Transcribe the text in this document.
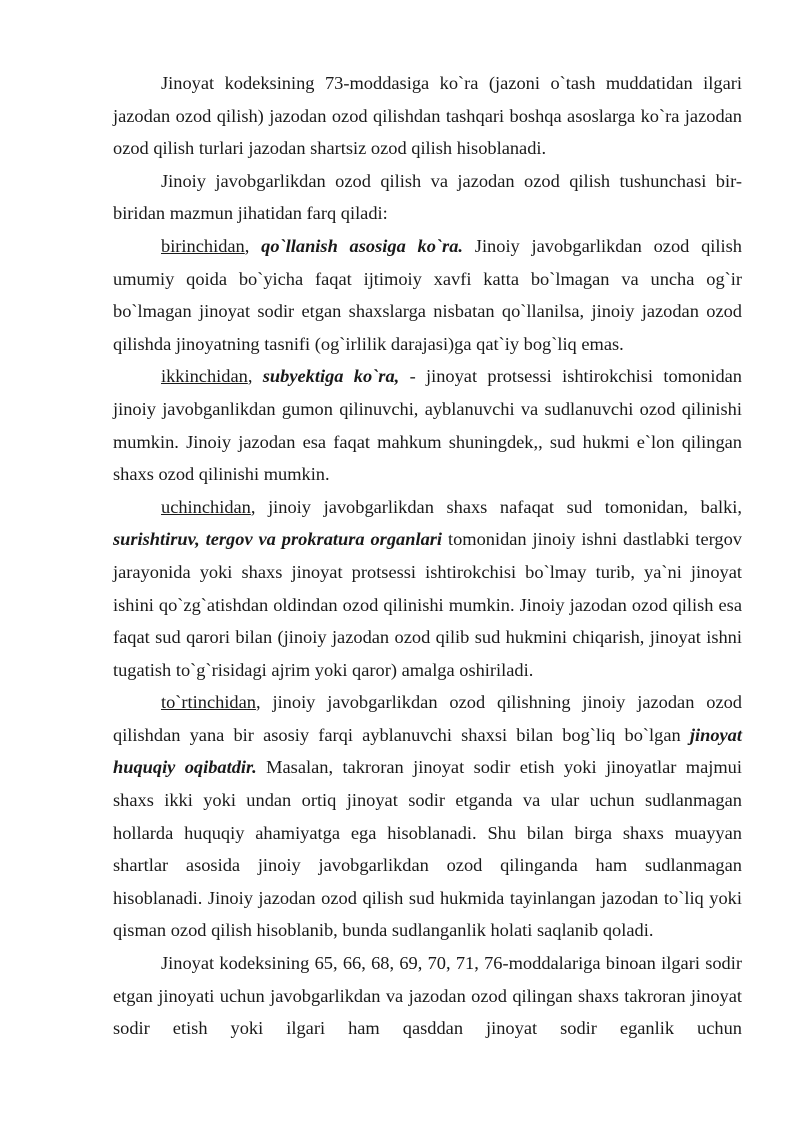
Jinoyat kodeksining 73-moddasiga ko`ra (jazoni o`tash muddatidan ilgari jazodan ozod qilish) jazodan ozod qilishdan tashqari boshqa asoslarga ko`ra jazodan ozod qilish turlari jazodan shartsiz ozod qilish hisoblanadi.

Jinoiy javobgarlikdan ozod qilish va jazodan ozod qilish tushunchasi bir-biridan mazmun jihatidan farq qiladi:

birinchidan, qo`llanish asosiga ko`ra. Jinoiy javobgarlikdan ozod qilish umumiy qoida bo`yicha faqat ijtimoiy xavfi katta bo`lmagan va uncha og`ir bo`lmagan jinoyat sodir etgan shaxslarga nisbatan qo`llanilsa, jinoiy jazodan ozod qilishda jinoyatning tasnifi (og`irlilik darajasi)ga qat`iy bog`liq emas.

ikkinchidan, subyektiga ko`ra, - jinoyat protsessi ishtirokchisi tomonidan jinoiy javobganlikdan gumon qilinuvchi, ayblanuvchi va sudlanuvchi ozod qilinishi mumkin. Jinoiy jazodan esa faqat mahkum shuningdek,, sud hukmi e`lon qilingan shaxs ozod qilinishi mumkin.

uchinchidan, jinoiy javobgarlikdan shaxs nafaqat sud tomonidan, balki, surishtiruv, tergov va prokratura organlari tomonidan jinoiy ishni dastlabki tergov jarayonida yoki shaxs jinoyat protsessi ishtirokchisi bo`lmay turib, ya`ni jinoyat ishini qo`zg`atishdan oldindan ozod qilinishi mumkin. Jinoiy jazodan ozod qilish esa faqat sud qarori bilan (jinoiy jazodan ozod qilib sud hukmini chiqarish, jinoyat ishni tugatish to`g`risidagi ajrim yoki qaror) amalga oshiriladi.

to`rtinchidan, jinoiy javobgarlikdan ozod qilishning jinoiy jazodan ozod qilishdan yana bir asosiy farqi ayblanuvchi shaxsi bilan bog`liq bo`lgan jinoyat huquqiy oqibatdir. Masalan, takroran jinoyat sodir etish yoki jinoyatlar majmui shaxs ikki yoki undan ortiq jinoyat sodir etganda va ular uchun sudlanmagan hollarda huquqiy ahamiyatga ega hisoblanadi. Shu bilan birga shaxs muayyan shartlar asosida jinoiy javobgarlikdan ozod qilinganda ham sudlanmagan hisoblanadi. Jinoiy jazodan ozod qilish sud hukmida tayinlangan jazodan to`liq yoki qisman ozod qilish hisoblanib, bunda sudlanganlik holati saqlanib qoladi.

Jinoyat kodeksining 65, 66, 68, 69, 70, 71, 76-moddalariga binoan ilgari sodir etgan jinoyati uchun javobgarlikdan va jazodan ozod qilingan shaxs takroran jinoyat sodir etish yoki ilgari ham qasddan jinoyat sodir eganlik uchun
